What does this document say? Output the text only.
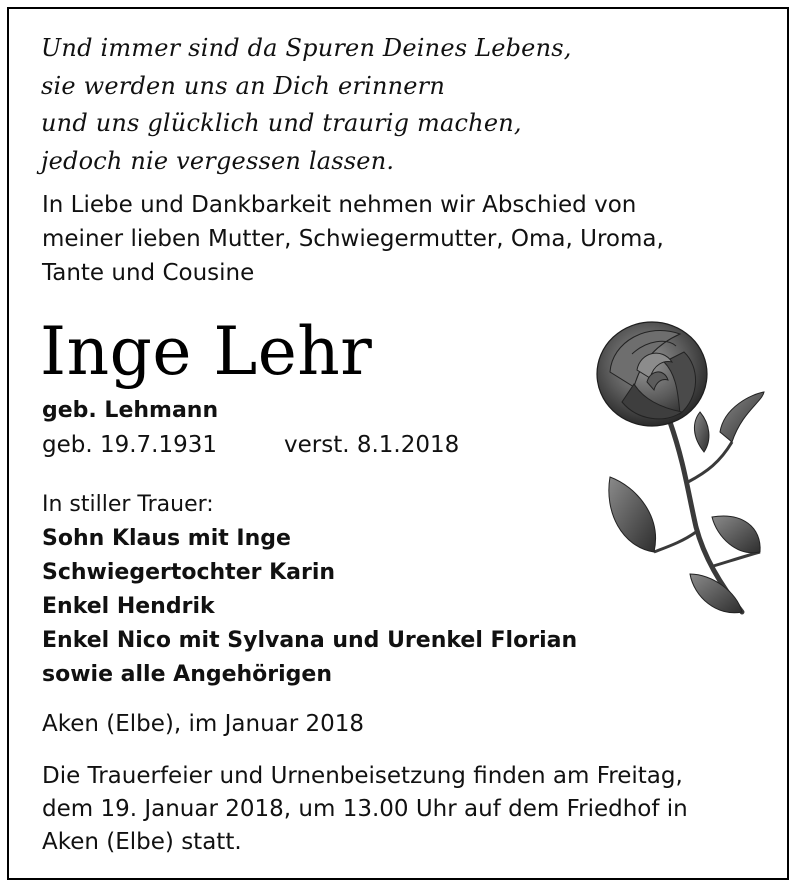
Und immer sind da Spuren Deines Lebens,
sie werden uns an Dich erinnern
und uns glücklich und traurig machen,
jedoch nie vergessen lassen.
In Liebe und Dankbarkeit nehmen wir Abschied von
meiner lieben Mutter, Schwiegermutter, Oma, Uroma,
Tante und Cousine
Inge Lehr
geb. Lehmann
geb. 19.7.1931	verst. 8.1.2018
In stiller Trauer:
Sohn Klaus mit Inge
Schwiegertochter Karin
Enkel Hendrik
Enkel Nico mit Sylvana und Urenkel Florian
sowie alle Angehörigen
Aken (Elbe), im Januar 2018
Die Trauerfeier und Urnenbeisetzung finden am Freitag,
dem 19. Januar 2018, um 13.00 Uhr auf dem Friedhof in
Aken (Elbe) statt.
